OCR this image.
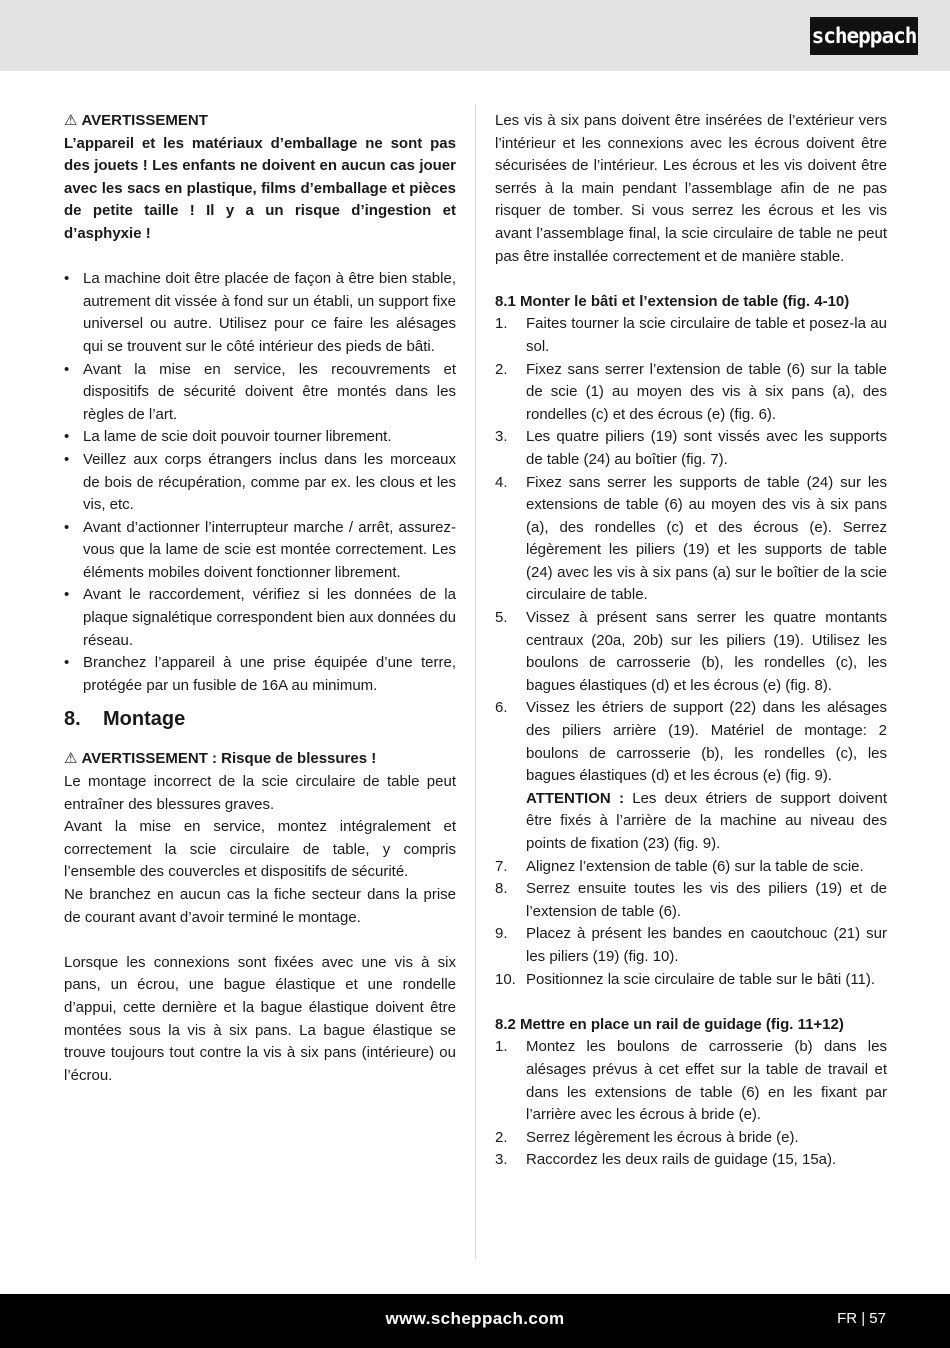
scheppach
⚠ AVERTISSEMENT
L’appareil et les matériaux d’emballage ne sont pas des jouets ! Les enfants ne doivent en aucun cas jouer avec les sacs en plastique, films d’emballage et pièces de petite taille ! Il y a un risque d’ingestion et d’asphyxie !
• La machine doit être placée de façon à être bien stable, autrement dit vissée à fond sur un établi, un support fixe universel ou autre. Utilisez pour ce faire les alésages qui se trouvent sur le côté intérieur des pieds de bâti.
• Avant la mise en service, les recouvrements et dispositifs de sécurité doivent être montés dans les règles de l’art.
• La lame de scie doit pouvoir tourner librement.
• Veillez aux corps étrangers inclus dans les morceaux de bois de récupération, comme par ex. les clous et les vis, etc.
• Avant d’actionner l’interrupteur marche / arrêt, assurez-vous que la lame de scie est montée correctement. Les éléments mobiles doivent fonctionner librement.
• Avant le raccordement, vérifiez si les données de la plaque signalétique correspondent bien aux données du réseau.
• Branchez l’appareil à une prise équipée d’une terre, protégée par un fusible de 16A au minimum.
8. Montage
⚠ AVERTISSEMENT : Risque de blessures !
Le montage incorrect de la scie circulaire de table peut entraîner des blessures graves.
Avant la mise en service, montez intégralement et correctement la scie circulaire de table, y compris l’ensemble des couvercles et dispositifs de sécurité.
Ne branchez en aucun cas la fiche secteur dans la prise de courant avant d’avoir terminé le montage.
Lorsque les connexions sont fixées avec une vis à six pans, un écrou, une bague élastique et une rondelle d’appui, cette dernière et la bague élastique doivent être montées sous la vis à six pans. La bague élastique se trouve toujours tout contre la vis à six pans (intérieure) ou l’écrou.
Les vis à six pans doivent être insérées de l’extérieur vers l’intérieur et les connexions avec les écrous doivent être sécurisées de l’intérieur. Les écrous et les vis doivent être serrés à la main pendant l’assemblage afin de ne pas risquer de tomber. Si vous serrez les écrous et les vis avant l’assemblage final, la scie circulaire de table ne peut pas être installée correctement et de manière stable.
8.1 Monter le bâti et l’extension de table (fig. 4-10)
1. Faites tourner la scie circulaire de table et posez-la au sol.
2. Fixez sans serrer l’extension de table (6) sur la table de scie (1) au moyen des vis à six pans (a), des rondelles (c) et des écrous (e) (fig. 6).
3. Les quatre piliers (19) sont vissés avec les supports de table (24) au boîtier (fig. 7).
4. Fixez sans serrer les supports de table (24) sur les extensions de table (6) au moyen des vis à six pans (a), des rondelles (c) et des écrous (e). Serrez légèrement les piliers (19) et les supports de table (24) avec les vis à six pans (a) sur le boîtier de la scie circulaire de table.
5. Vissez à présent sans serrer les quatre montants centraux (20a, 20b) sur les piliers (19). Utilisez les boulons de carrosserie (b), les rondelles (c), les bagues élastiques (d) et les écrous (e) (fig. 8).
6. Vissez les étriers de support (22) dans les alésages des piliers arrière (19). Matériel de montage: 2 boulons de carrosserie (b), les rondelles (c), les bagues élastiques (d) et les écrous (e) (fig. 9).
ATTENTION : Les deux étriers de support doivent être fixés à l’arrière de la machine au niveau des points de fixation (23) (fig. 9).
7. Alignez l’extension de table (6) sur la table de scie.
8. Serrez ensuite toutes les vis des piliers (19) et de l’extension de table (6).
9. Placez à présent les bandes en caoutchouc (21) sur les piliers (19) (fig. 10).
10. Positionnez la scie circulaire de table sur le bâti (11).
8.2 Mettre en place un rail de guidage (fig. 11+12)
1. Montez les boulons de carrosserie (b) dans les alésages prévus à cet effet sur la table de travail et dans les extensions de table (6) en les fixant par l’arrière avec les écrous à bride (e).
2. Serrez légèrement les écrous à bride (e).
3. Raccordez les deux rails de guidage (15, 15a).
www.scheppach.com	FR | 57
